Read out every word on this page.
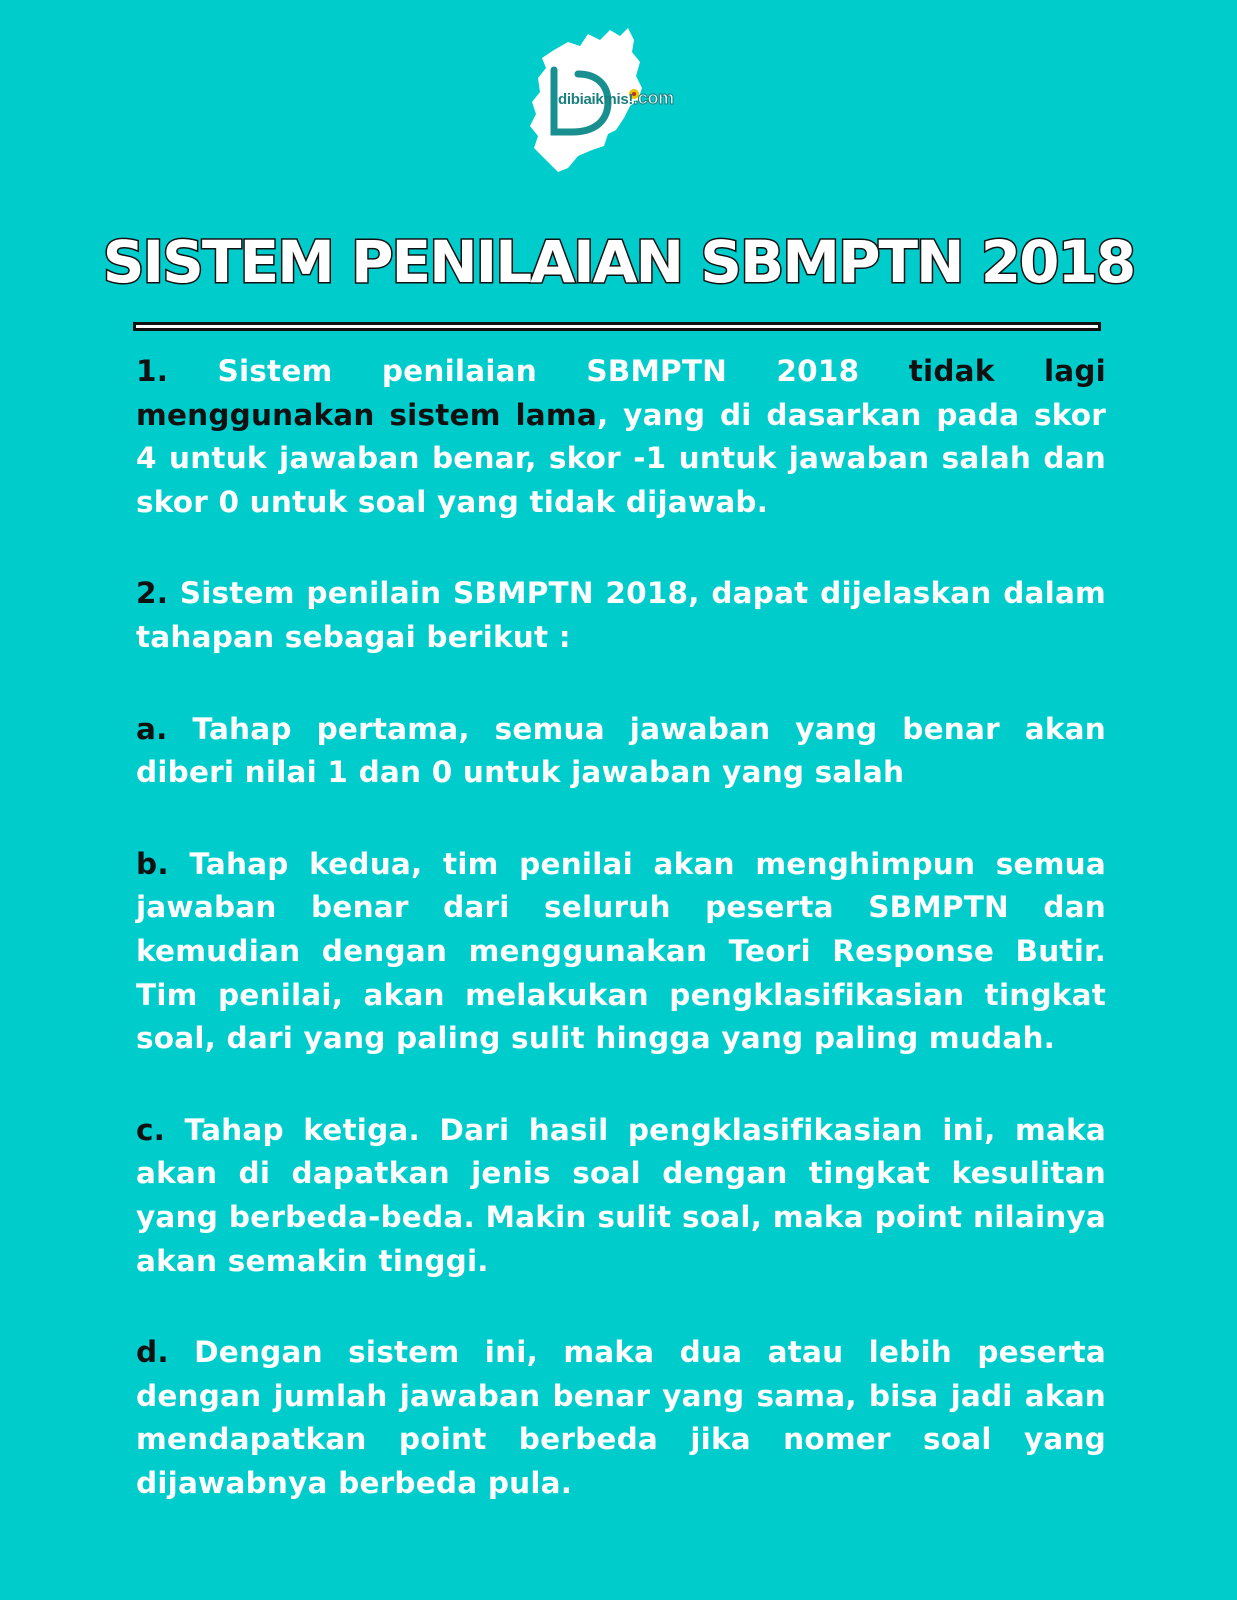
dibiaikmis!.com
SISTEM PENILAIAN SBMPTN 2018

1. Sistem penilaian SBMPTN 2018 tidak lagi menggunakan sistem lama, yang di dasarkan pada skor 4 untuk jawaban benar, skor -1 untuk jawaban salah dan skor 0 untuk soal yang tidak dijawab.

2. Sistem penilain SBMPTN 2018, dapat dijelaskan dalam tahapan sebagai berikut :

a. Tahap pertama, semua jawaban yang benar akan diberi nilai 1 dan 0 untuk jawaban yang salah

b. Tahap kedua, tim penilai akan menghimpun semua jawaban benar dari seluruh peserta SBMPTN dan kemudian dengan menggunakan Teori Response Butir. Tim penilai, akan melakukan pengklasifikasian tingkat soal, dari yang paling sulit hingga yang paling mudah.

c. Tahap ketiga. Dari hasil pengklasifikasian ini, maka akan di dapatkan jenis soal dengan tingkat kesulitan yang berbeda-beda. Makin sulit soal, maka point nilainya akan semakin tinggi.

d. Dengan sistem ini, maka dua atau lebih peserta dengan jumlah jawaban benar yang sama, bisa jadi akan mendapatkan point berbeda jika nomer soal yang dijawabnya berbeda pula.
